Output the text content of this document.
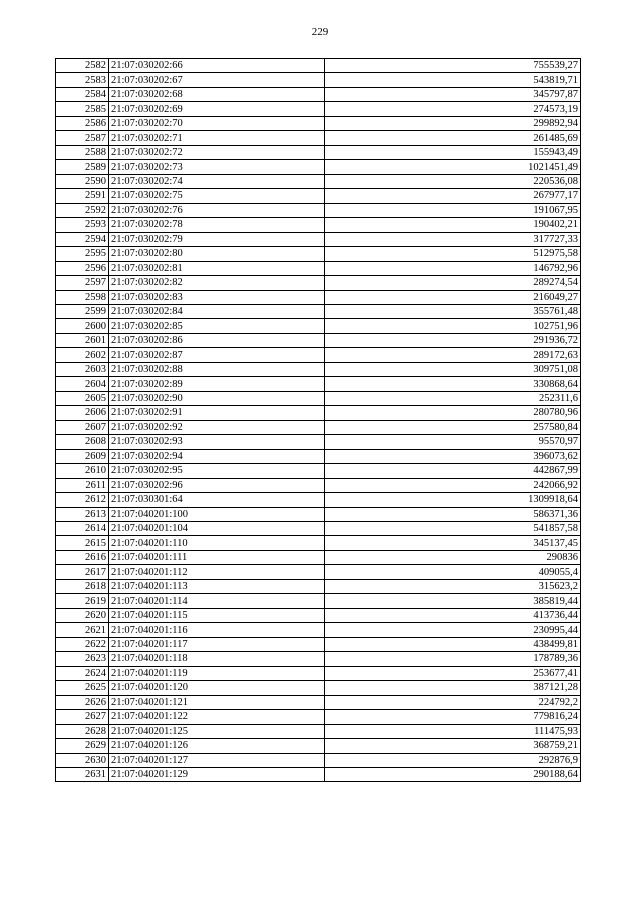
229
2582	21:07:030202:66	755539,27
2583	21:07:030202:67	543819,71
2584	21:07:030202:68	345797,87
2585	21:07:030202:69	274573,19
2586	21:07:030202:70	299892,94
2587	21:07:030202:71	261485,69
2588	21:07:030202:72	155943,49
2589	21:07:030202:73	1021451,49
2590	21:07:030202:74	220536,08
2591	21:07:030202:75	267977,17
2592	21:07:030202:76	191067,95
2593	21:07:030202:78	190402,21
2594	21:07:030202:79	317727,33
2595	21:07:030202:80	512975,58
2596	21:07:030202:81	146792,96
2597	21:07:030202:82	289274,54
2598	21:07:030202:83	216049,27
2599	21:07:030202:84	355761,48
2600	21:07:030202:85	102751,96
2601	21:07:030202:86	291936,72
2602	21:07:030202:87	289172,63
2603	21:07:030202:88	309751,08
2604	21:07:030202:89	330868,64
2605	21:07:030202:90	252311,6
2606	21:07:030202:91	280780,96
2607	21:07:030202:92	257580,84
2608	21:07:030202:93	95570,97
2609	21:07:030202:94	396073,62
2610	21:07:030202:95	442867,99
2611	21:07:030202:96	242066,92
2612	21:07:030301:64	1309918,64
2613	21:07:040201:100	586371,36
2614	21:07:040201:104	541857,58
2615	21:07:040201:110	345137,45
2616	21:07:040201:111	290836
2617	21:07:040201:112	409055,4
2618	21:07:040201:113	315623,2
2619	21:07:040201:114	385819,44
2620	21:07:040201:115	413736,44
2621	21:07:040201:116	230995,44
2622	21:07:040201:117	438499,81
2623	21:07:040201:118	178789,36
2624	21:07:040201:119	253677,41
2625	21:07:040201:120	387121,28
2626	21:07:040201:121	224792,2
2627	21:07:040201:122	779816,24
2628	21:07:040201:125	111475,93
2629	21:07:040201:126	368759,21
2630	21:07:040201:127	292876,9
2631	21:07:040201:129	290188,64
